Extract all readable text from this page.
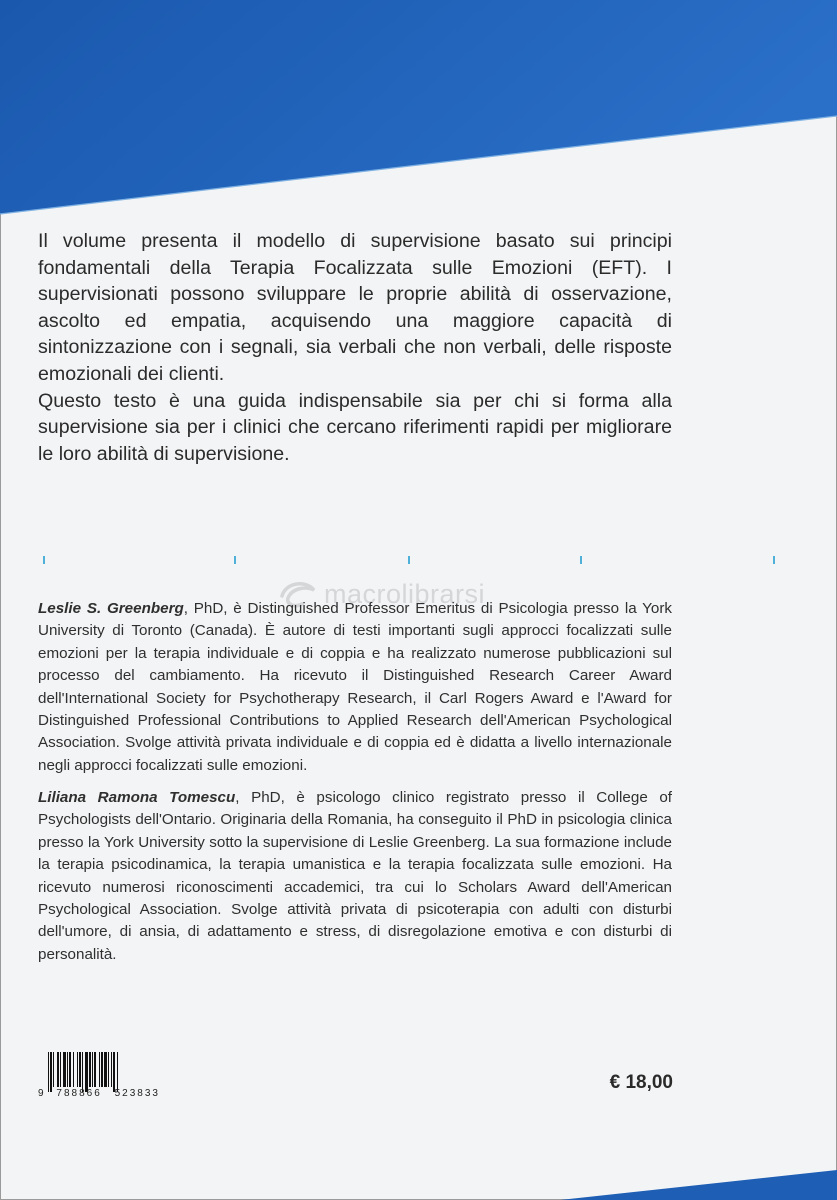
Il volume presenta il modello di supervisione basato sui principi fondamentali della Terapia Focalizzata sulle Emozioni (EFT). I supervisionati possono sviluppare le proprie abilità di osservazione, ascolto ed empatia, acquisendo una maggiore capacità di sintonizzazione con i segnali, sia verbali che non verbali, delle risposte emozionali dei clienti.

Questo testo è una guida indispensabile sia per chi si forma alla supervisione sia per i clinici che cercano riferimenti rapidi per migliorare le loro abilità di supervisione.

macrolibrarsi

Leslie S. Greenberg, PhD, è Distinguished Professor Emeritus di Psicologia presso la York University di Toronto (Canada). È autore di testi importanti sugli approcci focalizzati sulle emozioni per la terapia individuale e di coppia e ha realizzato numerose pubblicazioni sul processo del cambiamento. Ha ricevuto il Distinguished Research Career Award dell'International Society for Psychotherapy Research, il Carl Rogers Award e l'Award for Distinguished Professional Contributions to Applied Research dell'American Psychological Association. Svolge attività privata individuale e di coppia ed è didatta a livello internazionale negli approcci focalizzati sulle emozioni.

Liliana Ramona Tomescu, PhD, è psicologo clinico registrato presso il College of Psychologists dell'Ontario. Originaria della Romania, ha conseguito il PhD in psicologia clinica presso la York University sotto la supervisione di Leslie Greenberg. La sua formazione include la terapia psicodinamica, la terapia umanistica e la terapia focalizzata sulle emozioni. Ha ricevuto numerosi riconoscimenti accademici, tra cui lo Scholars Award dell'American Psychological Association. Svolge attività privata di psicoterapia con adulti con disturbi dell'umore, di ansia, di adattamento e stress, di disregolazione emotiva e con disturbi di personalità.

9 788866 523833
€ 18,00
